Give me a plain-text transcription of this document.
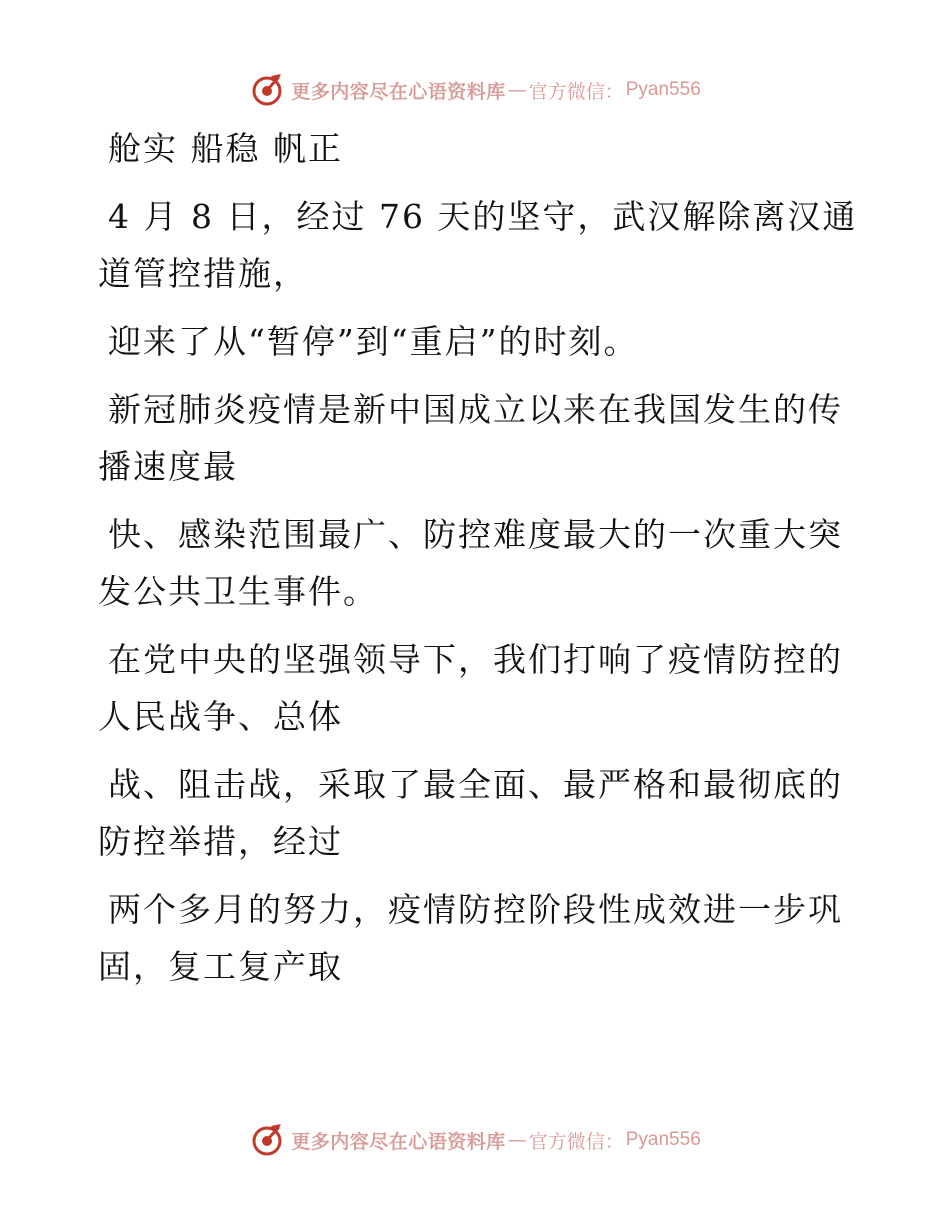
更多内容尽在心语资料库 — 官方微信： Pyan556

舱实 船稳 帆正

4 月 8 日，经过 76 天的坚守，武汉解除离汉通道管控措施，

迎来了从“暂停”到“重启”的时刻。

新冠肺炎疫情是新中国成立以来在我国发生的传播速度最

快、感染范围最广、防控难度最大的一次重大突发公共卫生事件。

在党中央的坚强领导下，我们打响了疫情防控的人民战争、总体

战、阻击战，采取了最全面、最严格和最彻底的防控举措，经过

两个多月的努力，疫情防控阶段性成效进一步巩固，复工复产取

更多内容尽在心语资料库 — 官方微信： Pyan556
